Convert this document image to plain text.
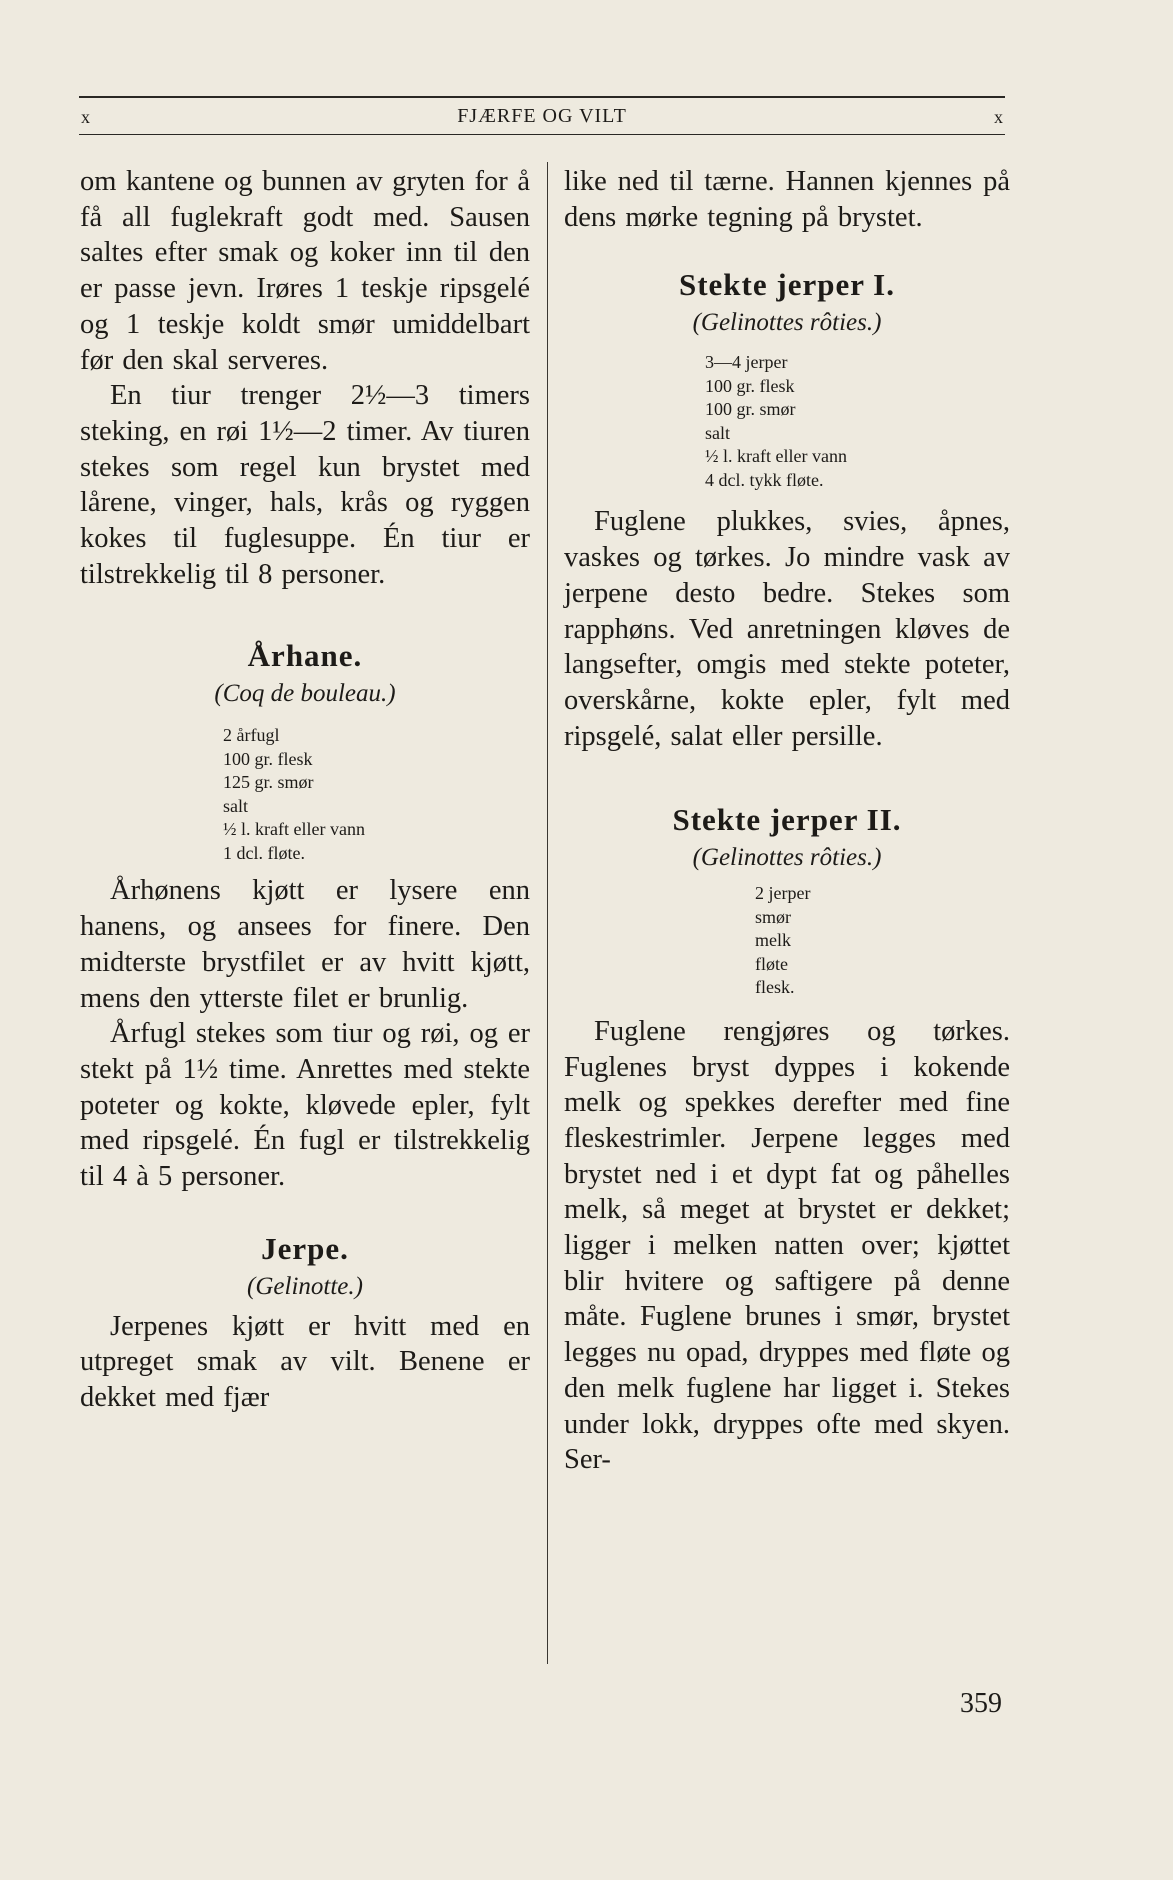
x	FJÆRFE OG VILT	x

om kantene og bunnen av gryten for å få all fuglekraft godt med. Sausen saltes efter smak og koker inn til den er passe jevn. Irøres 1 teskje ripsgelé og 1 teskje koldt smør umiddelbart før den skal serveres.

En tiur trenger 2½—3 timers steking, en røi 1½—2 timer. Av tiuren stekes som regel kun brystet med lårene, vinger, hals, krås og ryggen kokes til fuglesuppe. Én tiur er tilstrekkelig til 8 personer.

Århane.

(Coq de bouleau.)

2 årfugl
100 gr. flesk
125 gr. smør
salt
½ l. kraft eller vann
1 dcl. fløte.

Århønens kjøtt er lysere enn hanens, og ansees for finere. Den midterste brystfilet er av hvitt kjøtt, mens den ytterste filet er brunlig.

Årfugl stekes som tiur og røi, og er stekt på 1½ time. Anrettes med stekte poteter og kokte, kløvede epler, fylt med ripsgelé. Én fugl er tilstrekkelig til 4 à 5 personer.

Jerpe.

(Gelinotte.)

Jerpenes kjøtt er hvitt med en utpreget smak av vilt. Benene er dekket med fjær

like ned til tærne. Hannen kjennes på dens mørke tegning på brystet.

Stekte jerper I.

(Gelinottes rôties.)

3—4 jerper
100 gr. flesk
100 gr. smør
salt
½ l. kraft eller vann
4 dcl. tykk fløte.

Fuglene plukkes, svies, åpnes, vaskes og tørkes. Jo mindre vask av jerpene desto bedre. Stekes som rapphøns. Ved anretningen kløves de langsefter, omgis med stekte poteter, overskårne, kokte epler, fylt med ripsgelé, salat eller persille.

Stekte jerper II.

(Gelinottes rôties.)

2 jerper
smør
melk
fløte
flesk.

Fuglene rengjøres og tørkes. Fuglenes bryst dyppes i kokende melk og spekkes derefter med fine fleskestrimler. Jerpene legges med brystet ned i et dypt fat og påhelles melk, så meget at brystet er dekket; ligger i melken natten over; kjøttet blir hvitere og saftigere på denne måte. Fuglene brunes i smør, brystet legges nu opad, dryppes med fløte og den melk fuglene har ligget i. Stekes under lokk, dryppes ofte med skyen. Ser-

359
